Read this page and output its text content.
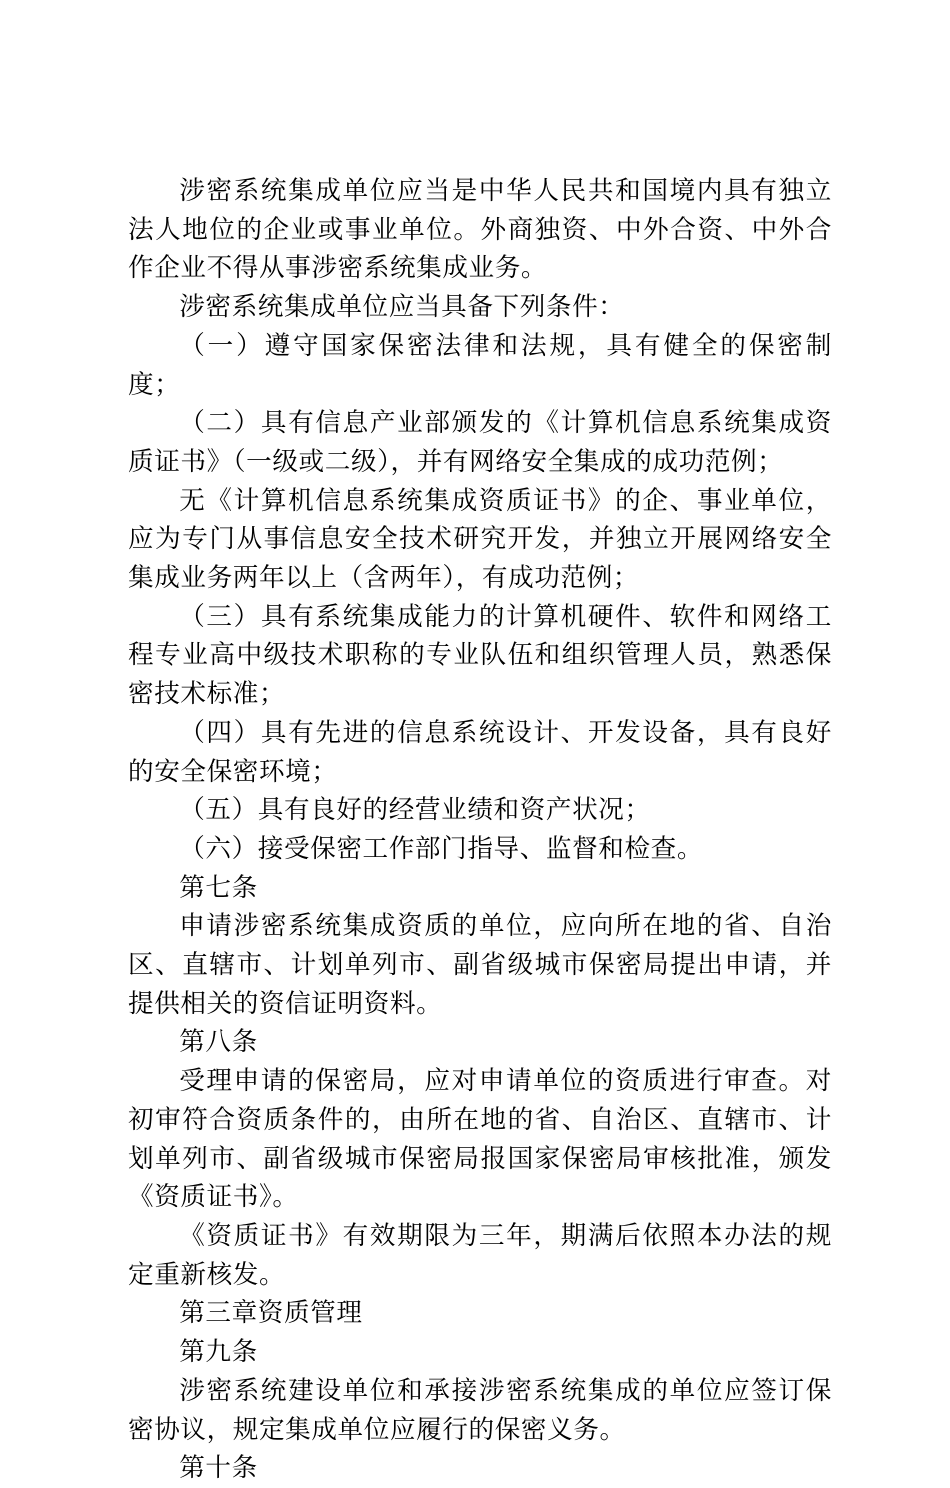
涉密系统集成单位应当是中华人民共和国境内具有独立法人地位的企业或事业单位。外商独资、中外合资、中外合作企业不得从事涉密系统集成业务。

涉密系统集成单位应当具备下列条件：

（一）遵守国家保密法律和法规，具有健全的保密制度；

（二）具有信息产业部颁发的《计算机信息系统集成资质证书》（一级或二级），并有网络安全集成的成功范例；

无《计算机信息系统集成资质证书》的企、事业单位，应为专门从事信息安全技术研究开发，并独立开展网络安全集成业务两年以上（含两年），有成功范例；

（三）具有系统集成能力的计算机硬件、软件和网络工程专业高中级技术职称的专业队伍和组织管理人员，熟悉保密技术标准；

（四）具有先进的信息系统设计、开发设备，具有良好的安全保密环境；

（五）具有良好的经营业绩和资产状况；

（六）接受保密工作部门指导、监督和检查。

第七条

申请涉密系统集成资质的单位，应向所在地的省、自治区、直辖市、计划单列市、副省级城市保密局提出申请，并提供相关的资信证明资料。

第八条

受理申请的保密局，应对申请单位的资质进行审查。对初审符合资质条件的，由所在地的省、自治区、直辖市、计划单列市、副省级城市保密局报国家保密局审核批准，颁发《资质证书》。

《资质证书》有效期限为三年，期满后依照本办法的规定重新核发。

第三章资质管理

第九条

涉密系统建设单位和承接涉密系统集成的单位应签订保密协议，规定集成单位应履行的保密义务。

第十条
